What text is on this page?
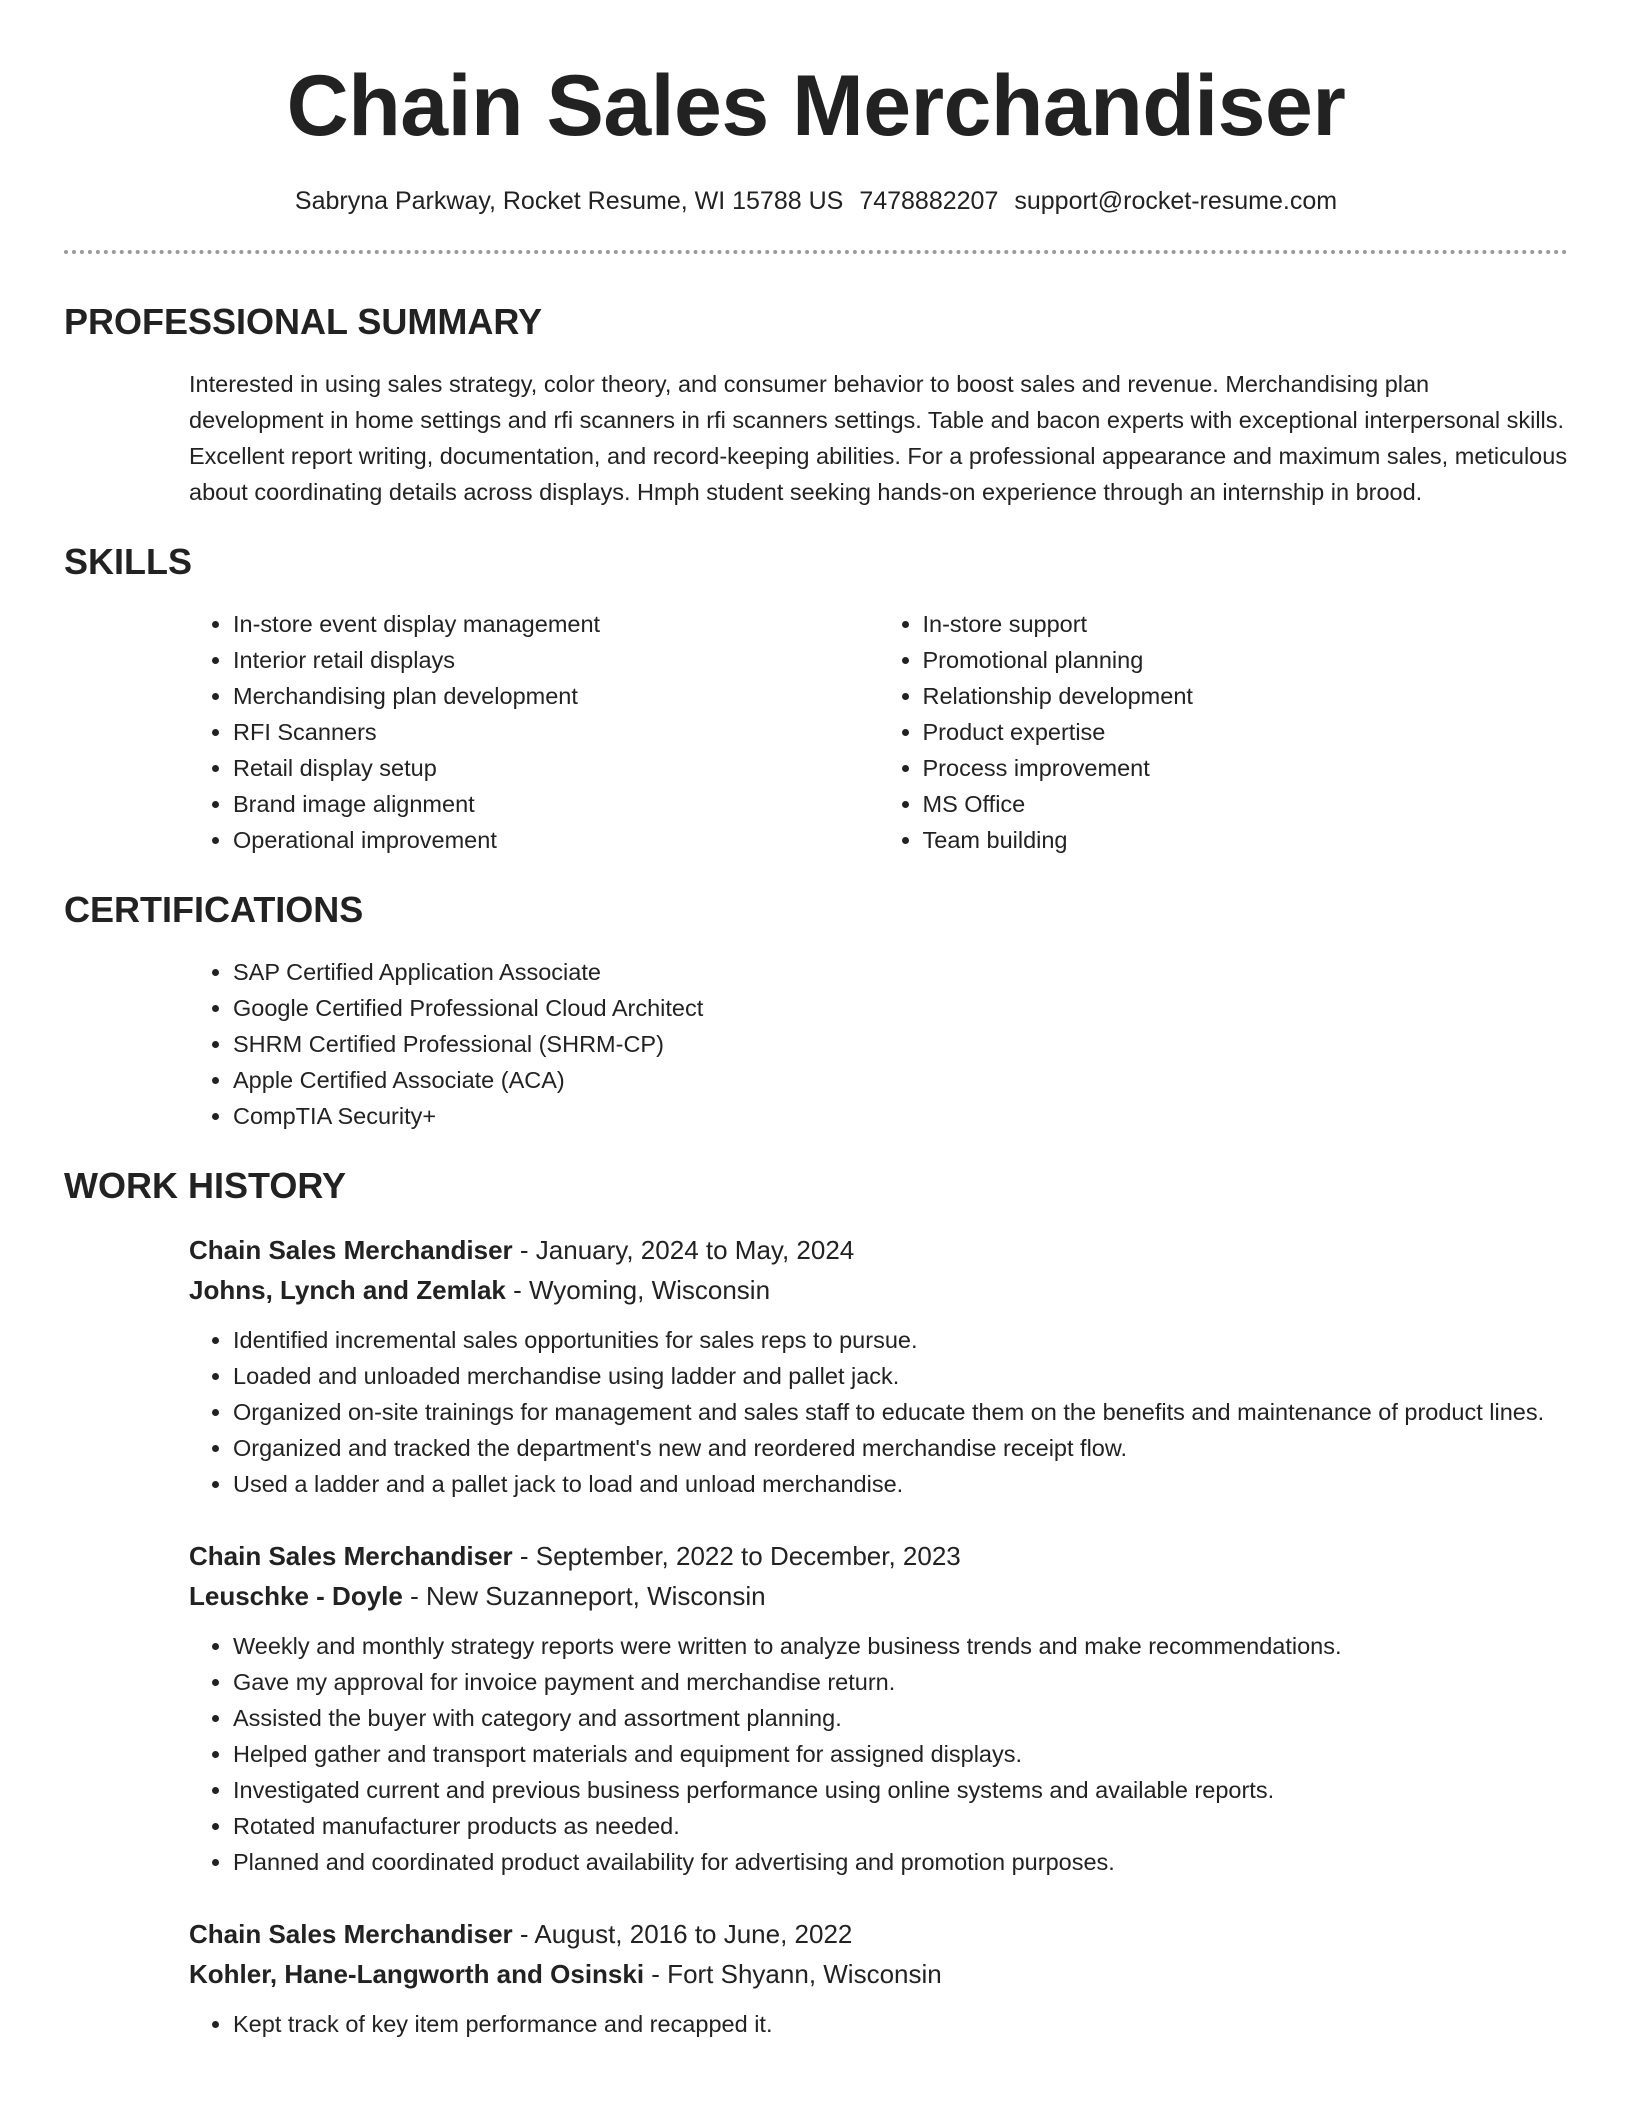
Chain Sales Merchandiser
Sabryna Parkway, Rocket Resume, WI 15788 US 7478882207 support@rocket-resume.com
PROFESSIONAL SUMMARY
Interested in using sales strategy, color theory, and consumer behavior to boost sales and revenue. Merchandising plan development in home settings and rfi scanners in rfi scanners settings. Table and bacon experts with exceptional interpersonal skills. Excellent report writing, documentation, and record-keeping abilities. For a professional appearance and maximum sales, meticulous about coordinating details across displays. Hmph student seeking hands-on experience through an internship in brood.
SKILLS
• In-store event display management
• Interior retail displays
• Merchandising plan development
• RFI Scanners
• Retail display setup
• Brand image alignment
• Operational improvement
• In-store support
• Promotional planning
• Relationship development
• Product expertise
• Process improvement
• MS Office
• Team building
CERTIFICATIONS
• SAP Certified Application Associate
• Google Certified Professional Cloud Architect
• SHRM Certified Professional (SHRM-CP)
• Apple Certified Associate (ACA)
• CompTIA Security+
WORK HISTORY
Chain Sales Merchandiser - January, 2024 to May, 2024
Johns, Lynch and Zemlak - Wyoming, Wisconsin
• Identified incremental sales opportunities for sales reps to pursue.
• Loaded and unloaded merchandise using ladder and pallet jack.
• Organized on-site trainings for management and sales staff to educate them on the benefits and maintenance of product lines.
• Organized and tracked the department's new and reordered merchandise receipt flow.
• Used a ladder and a pallet jack to load and unload merchandise.
Chain Sales Merchandiser - September, 2022 to December, 2023
Leuschke - Doyle - New Suzanneport, Wisconsin
• Weekly and monthly strategy reports were written to analyze business trends and make recommendations.
• Gave my approval for invoice payment and merchandise return.
• Assisted the buyer with category and assortment planning.
• Helped gather and transport materials and equipment for assigned displays.
• Investigated current and previous business performance using online systems and available reports.
• Rotated manufacturer products as needed.
• Planned and coordinated product availability for advertising and promotion purposes.
Chain Sales Merchandiser - August, 2016 to June, 2022
Kohler, Hane-Langworth and Osinski - Fort Shyann, Wisconsin
• Kept track of key item performance and recapped it.
